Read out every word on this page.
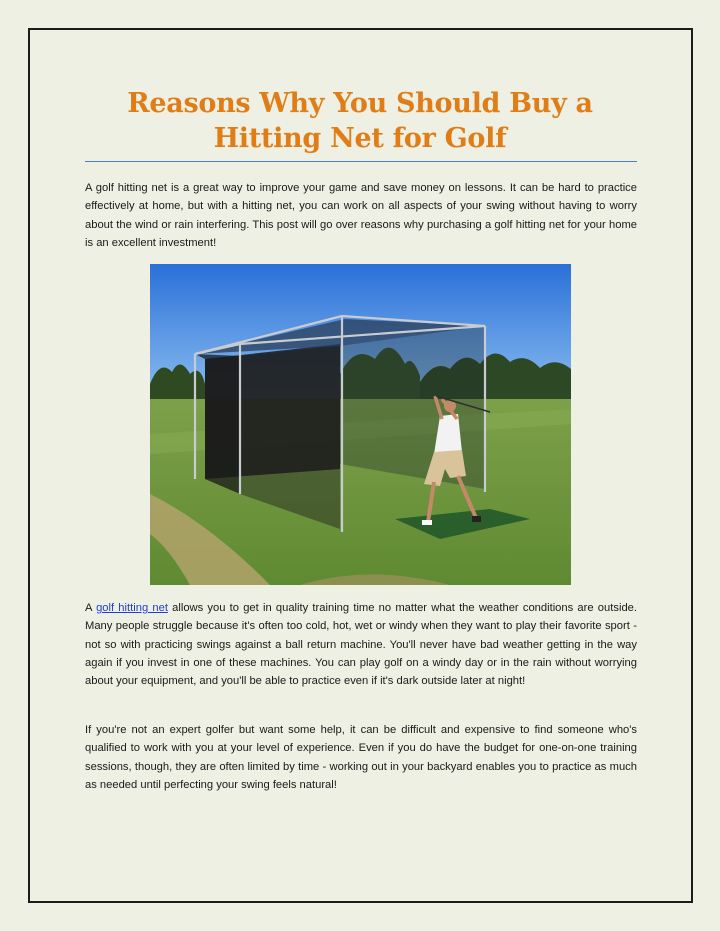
Reasons Why You Should Buy a Hitting Net for Golf

A golf hitting net is a great way to improve your game and save money on lessons. It can be hard to practice effectively at home, but with a hitting net, you can work on all aspects of your swing without having to worry about the wind or rain interfering. This post will go over reasons why purchasing a golf hitting net for your home is an excellent investment!

A golf hitting net allows you to get in quality training time no matter what the weather conditions are outside. Many people struggle because it's often too cold, hot, wet or windy when they want to play their favorite sport - not so with practicing swings against a ball return machine. You'll never have bad weather getting in the way again if you invest in one of these machines. You can play golf on a windy day or in the rain without worrying about your equipment, and you'll be able to practice even if it's dark outside later at night!

If you're not an expert golfer but want some help, it can be difficult and expensive to find someone who's qualified to work with you at your level of experience. Even if you do have the budget for one-on-one training sessions, though, they are often limited by time - working out in your backyard enables you to practice as much as needed until perfecting your swing feels natural!
